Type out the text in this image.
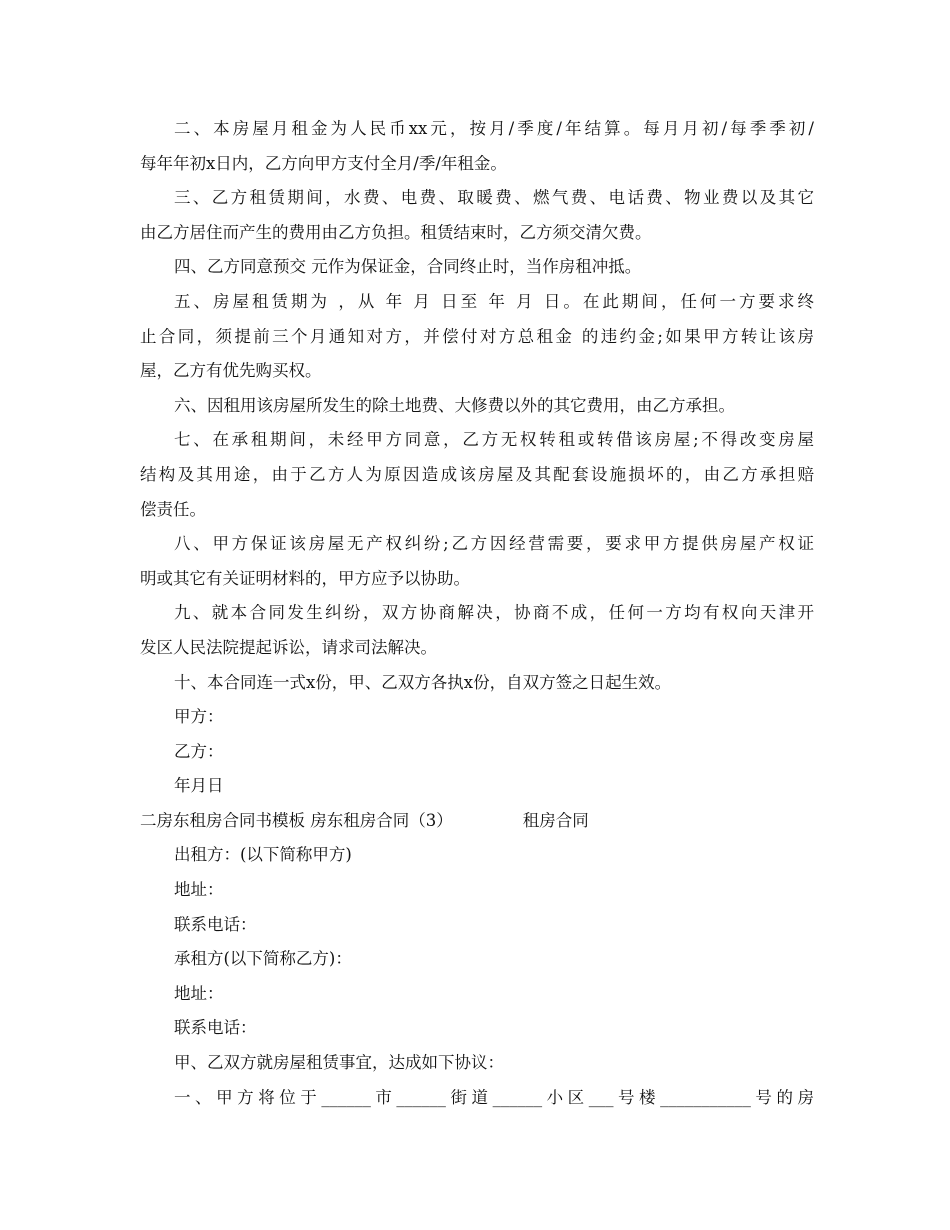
二、本房屋月租金为人民币xx元，按月/季度/年结算。每月月初/每季季初/
每年年初x日内，乙方向甲方支付全月/季/年租金。
三、乙方租赁期间，水费、电费、取暖费、燃气费、电话费、物业费以及其它
由乙方居住而产生的费用由乙方负担。租赁结束时，乙方须交清欠费。
四、乙方同意预交 元作为保证金，合同终止时，当作房租冲抵。
五、房屋租赁期为 ，从 年 月 日至 年 月 日。在此期间，任何一方要求终
止合同，须提前三个月通知对方，并偿付对方总租金 的违约金;如果甲方转让该房
屋，乙方有优先购买权。
六、因租用该房屋所发生的除土地费、大修费以外的其它费用，由乙方承担。
七、在承租期间，未经甲方同意，乙方无权转租或转借该房屋;不得改变房屋
结构及其用途，由于乙方人为原因造成该房屋及其配套设施损坏的，由乙方承担赔
偿责任。
八、甲方保证该房屋无产权纠纷;乙方因经营需要，要求甲方提供房屋产权证
明或其它有关证明材料的，甲方应予以协助。
九、就本合同发生纠纷，双方协商解决，协商不成，任何一方均有权向天津开
发区人民法院提起诉讼，请求司法解决。
十、本合同连一式x份，甲、乙双方各执x份，自双方签之日起生效。
甲方：
乙方：
年月日
二房东租房合同书模板 房东租房合同（3）	租房合同
出租方：(以下简称甲方)
地址：
联系电话：
承租方(以下简称乙方)：
地址：
联系电话：
甲、乙双方就房屋租赁事宜，达成如下协议：
一、甲方将位于______市______街道______小区___号楼___________号的房
